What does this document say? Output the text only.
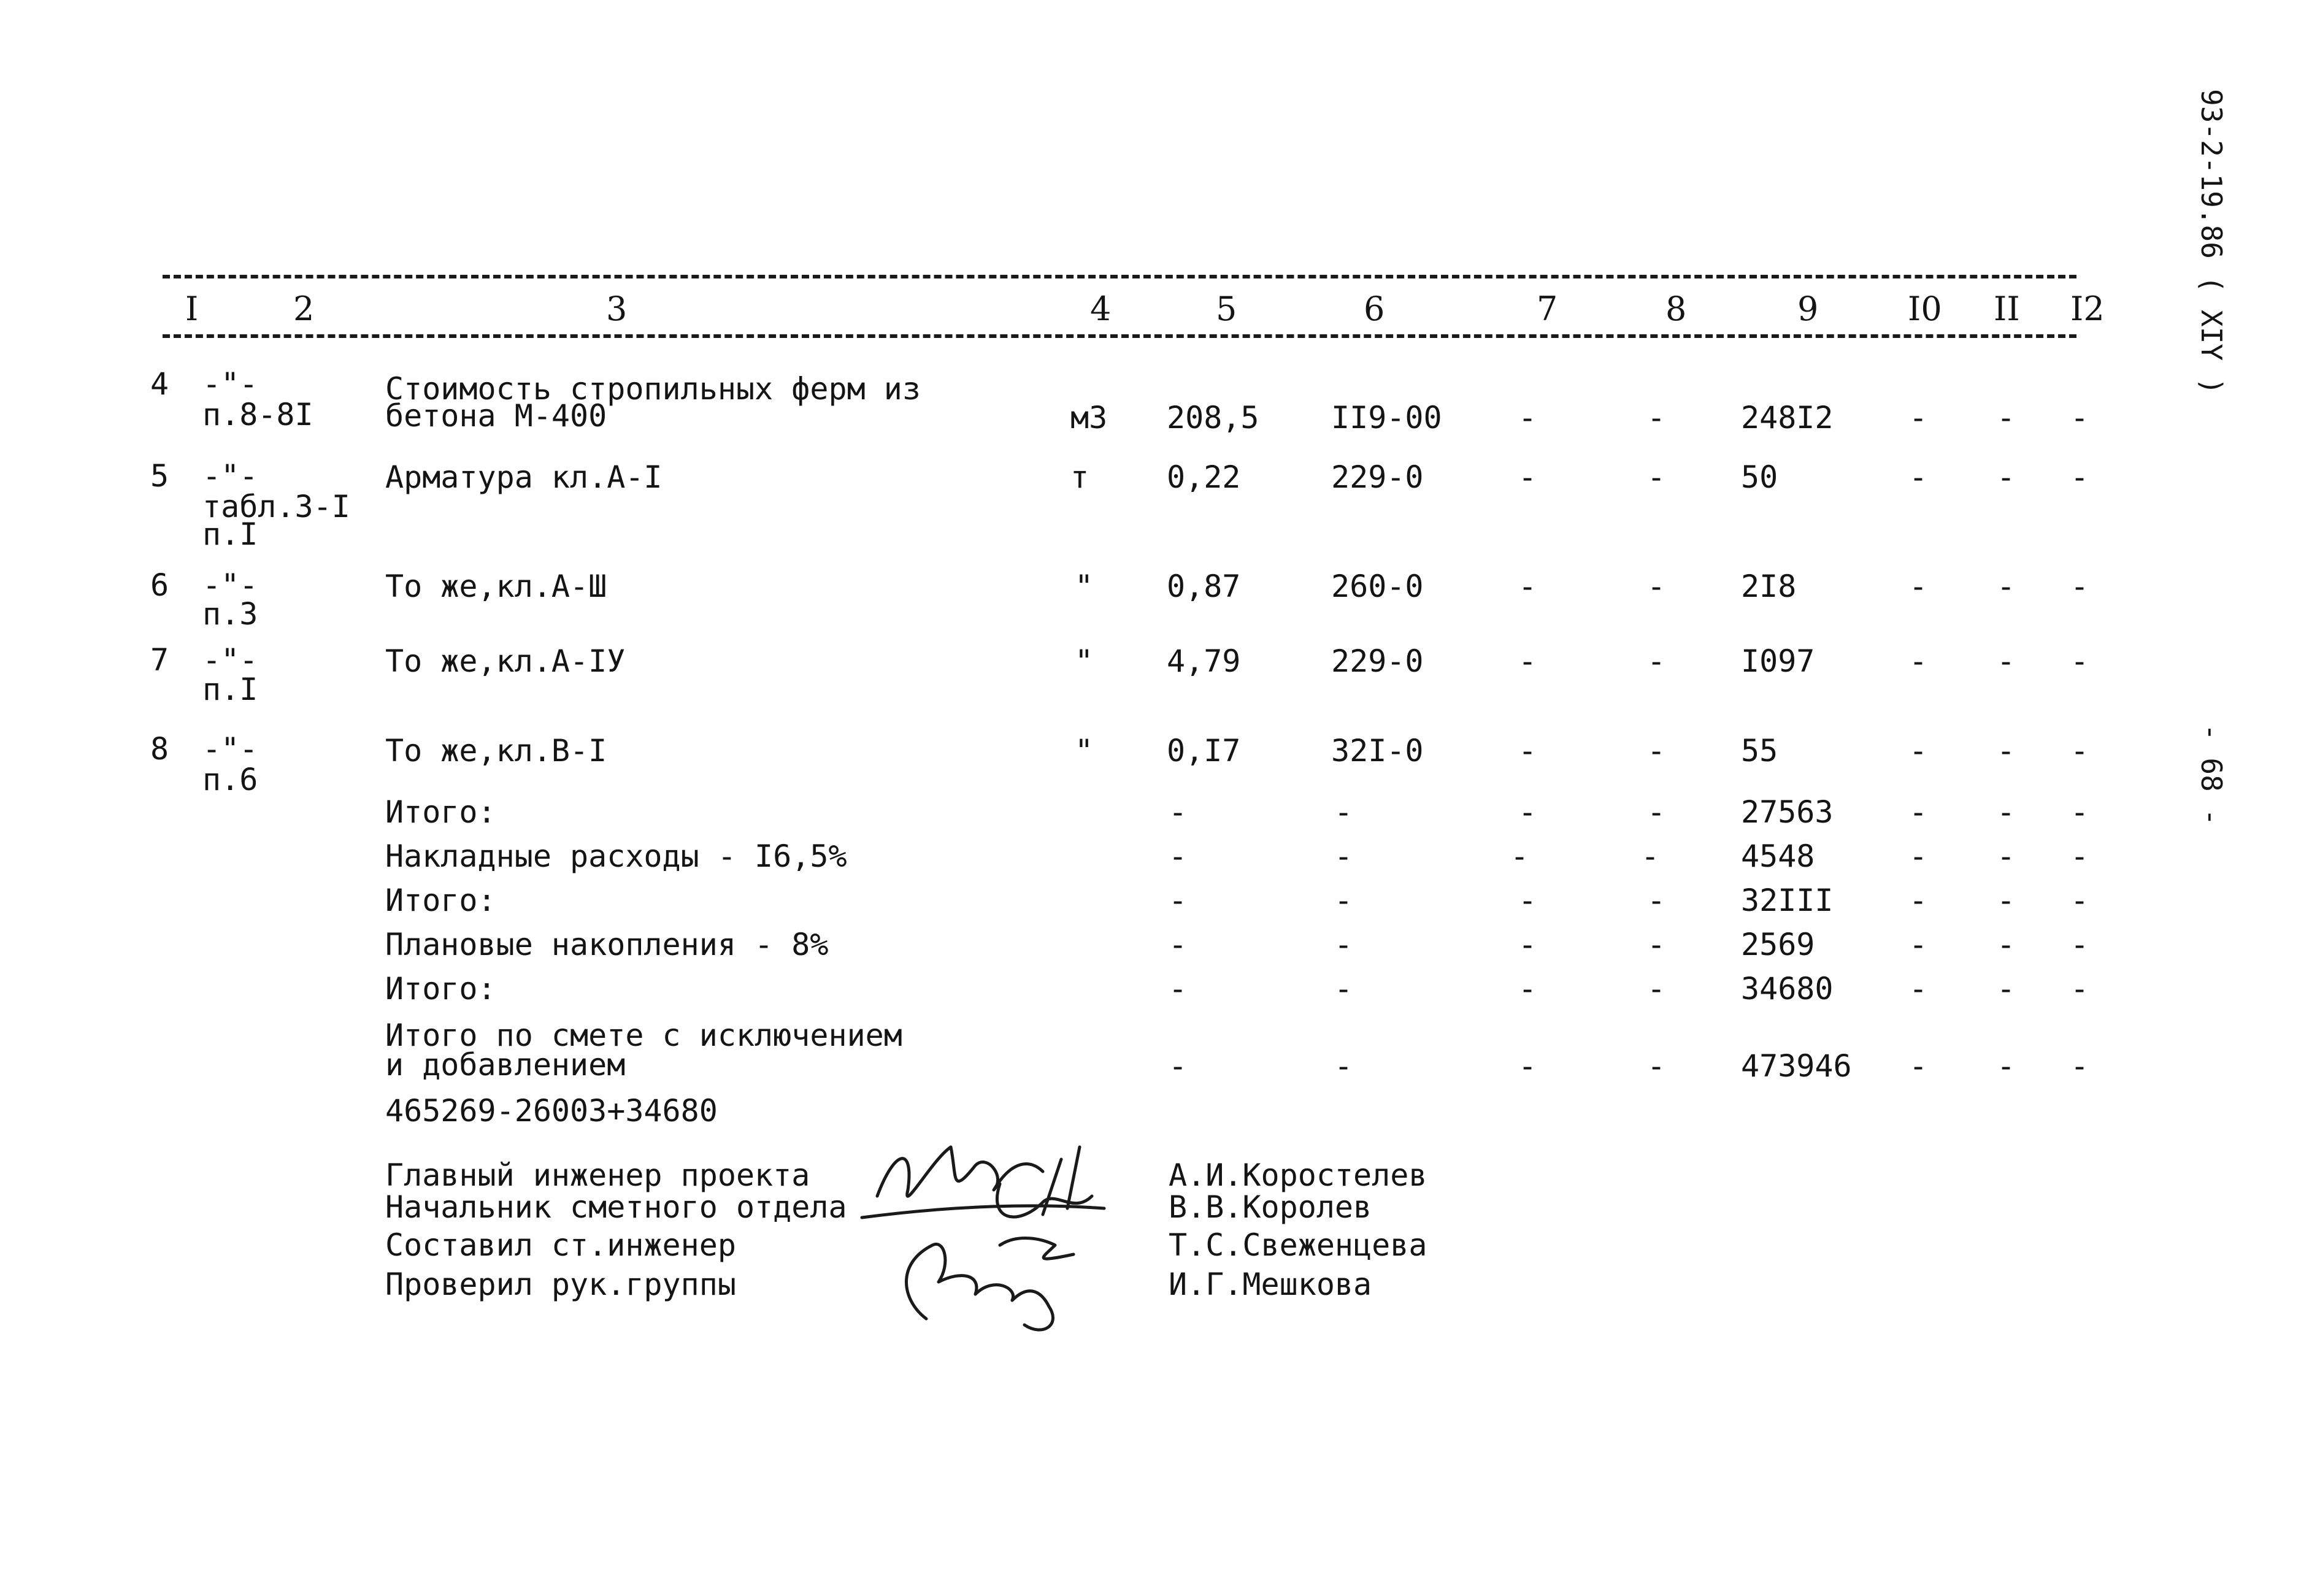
I	2	3	4	5	6	7	8	9	I0 II I2
4 -"-
п.8-8I
Стоимость стропильных ферм из
бетона М-400	м3 208,5 II9-00 -	- 248I2 - - -
5 -"-
табл.3-I
п.I
Арматура кл.А-I	т	0,22	229-0	-	- 50	- - -
6 -"-
п.3
То же,кл.А-Ш	" 0,87	260-0	-	- 2I8	- - -
7 -"-
п.I
То же,кл.А-IУ	" 4,79	229-0	-	- I097	- - -
8 -"-
п.6
То же,кл.В-I	" 0,I7	32I-0	-	- 55	- - -
Итого:	-	-	-	- 27563 - - -
Накладные расходы - I6,5%	-	-	-	-	4548	- - -
Итого:	-	-	-	- 32III - - -
Плановые накопления - 8%	-	-	-	- 2569	- - -
Итого:	-	-	-	- 34680 - - -
Итого по смете с исключением
и добавлением
465269-26003+34680
-	-	-	- 473946 - - -
Главный инженер проекта	А.И.Коростелев
Начальник сметного отдела	В.В.Королев
Составил ст.инженер	Т.С.Свеженцева
Проверил рук.группы	И.Г.Мешкова
93-2-19.86 ( XIY )
- 68 -
